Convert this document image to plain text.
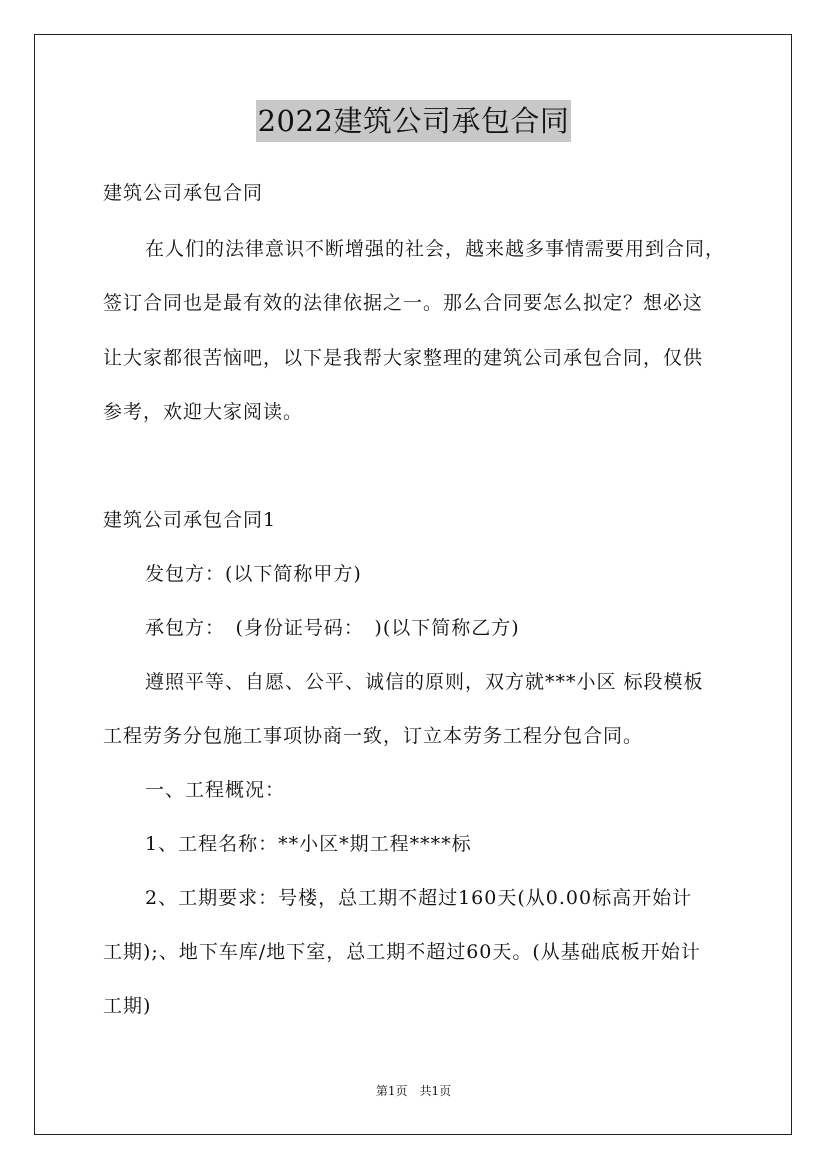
2022建筑公司承包合同
建筑公司承包合同
在人们的法律意识不断增强的社会，越来越多事情需要用到合同，
签订合同也是最有效的法律依据之一。那么合同要怎么拟定？想必这
让大家都很苦恼吧，以下是我帮大家整理的建筑公司承包合同，仅供
参考，欢迎大家阅读。
建筑公司承包合同1
发包方：(以下简称甲方)
承包方：　(身份证号码：　)(以下简称乙方)
遵照平等、自愿、公平、诚信的原则，双方就***小区 标段模板
工程劳务分包施工事项协商一致，订立本劳务工程分包合同。
一、工程概况：
1、工程名称：**小区*期工程****标
2、工期要求：号楼，总工期不超过160天(从0.00标高开始计
工期);、地下车库/地下室，总工期不超过60天。(从基础底板开始计
工期)
第1页　共1页
